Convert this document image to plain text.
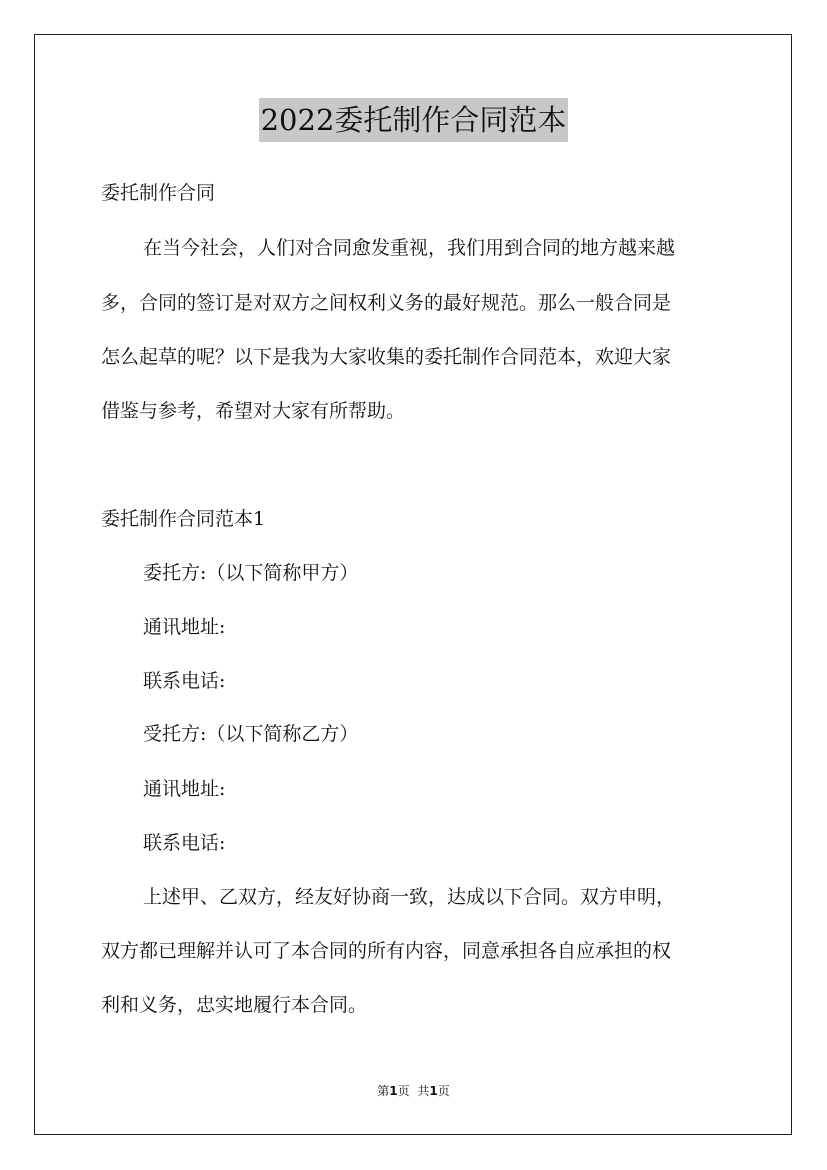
2022委托制作合同范本
委托制作合同
在当今社会，人们对合同愈发重视，我们用到合同的地方越来越
多，合同的签订是对双方之间权利义务的最好规范。那么一般合同是
怎么起草的呢？以下是我为大家收集的委托制作合同范本，欢迎大家
借鉴与参考，希望对大家有所帮助。
委托制作合同范本1
委托方:（以下简称甲方）
通讯地址:
联系电话:
受托方:（以下简称乙方）
通讯地址:
联系电话:
上述甲、乙双方，经友好协商一致，达成以下合同。双方申明，
双方都已理解并认可了本合同的所有内容，同意承担各自应承担的权
利和义务，忠实地履行本合同。
第1页 共1页
